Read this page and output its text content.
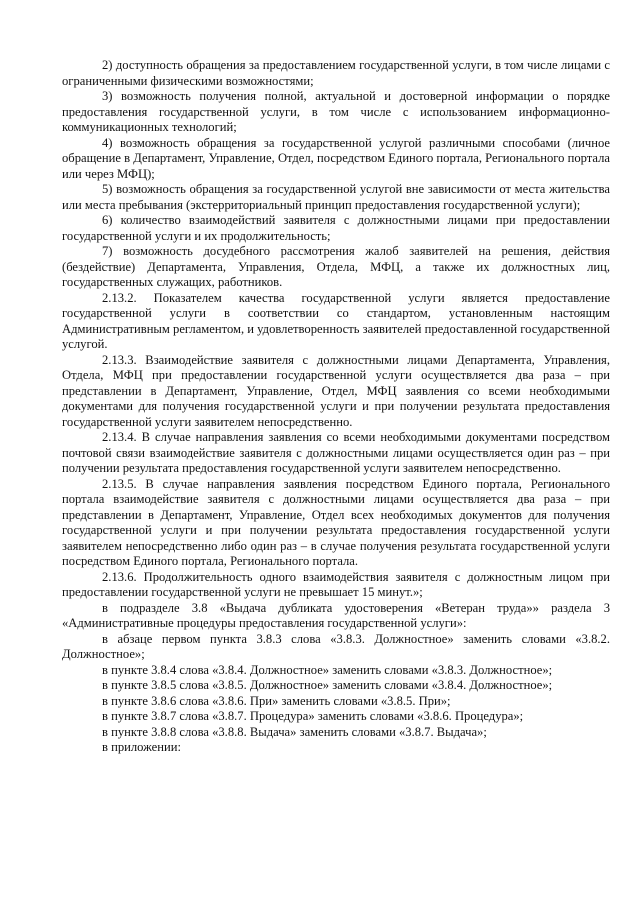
2) доступность обращения за предоставлением государственной услуги, в том числе лицами с ограниченными физическими возможностями;

3) возможность получения полной, актуальной и достоверной информации о порядке предоставления государственной услуги, в том числе с использованием информационно-коммуникационных технологий;

4) возможность обращения за государственной услугой различными способами (личное обращение в Департамент, Управление, Отдел, посредством Единого портала, Регионального портала или через МФЦ);

5) возможность обращения за государственной услугой вне зависимости от места жительства или места пребывания (экстерриториальный принцип предоставления государственной услуги);

6) количество взаимодействий заявителя с должностными лицами при предоставлении государственной услуги и их продолжительность;

7) возможность досудебного рассмотрения жалоб заявителей на решения, действия (бездействие) Департамента, Управления, Отдела, МФЦ, а также их должностных лиц, государственных служащих, работников.

2.13.2. Показателем качества государственной услуги является предоставление государственной услуги в соответствии со стандартом, установленным настоящим Административным регламентом, и удовлетворенность заявителей предоставленной государственной услугой.

2.13.3. Взаимодействие заявителя с должностными лицами Департамента, Управления, Отдела, МФЦ при предоставлении государственной услуги осуществляется два раза – при представлении в Департамент, Управление, Отдел, МФЦ заявления со всеми необходимыми документами для получения государственной услуги и при получении результата предоставления государственной услуги заявителем непосредственно.

2.13.4. В случае направления заявления со всеми необходимыми документами посредством почтовой связи взаимодействие заявителя с должностными лицами осуществляется один раз – при получении результата предоставления государственной услуги заявителем непосредственно.

2.13.5. В случае направления заявления посредством Единого портала, Регионального портала взаимодействие заявителя с должностными лицами осуществляется два раза – при представлении в Департамент, Управление, Отдел всех необходимых документов для получения государственной услуги и при получении результата предоставления государственной услуги заявителем непосредственно либо один раз – в случае получения результата государственной услуги посредством Единого портала, Регионального портала.

2.13.6. Продолжительность одного взаимодействия заявителя с должностным лицом при предоставлении государственной услуги не превышает 15 минут.»;

в подразделе 3.8 «Выдача дубликата удостоверения «Ветеран труда»» раздела 3 «Административные процедуры предоставления государственной услуги»:

в абзаце первом пункта 3.8.3 слова «3.8.3. Должностное» заменить словами «3.8.2. Должностное»;

в пункте 3.8.4 слова «3.8.4. Должностное» заменить словами «3.8.3. Должностное»;

в пункте 3.8.5 слова «3.8.5. Должностное» заменить словами «3.8.4. Должностное»;

в пункте 3.8.6 слова «3.8.6. При» заменить словами «3.8.5. При»;

в пункте 3.8.7 слова «3.8.7. Процедура» заменить словами «3.8.6. Процедура»;

в пункте 3.8.8 слова «3.8.8. Выдача» заменить словами «3.8.7. Выдача»;

в приложении:
